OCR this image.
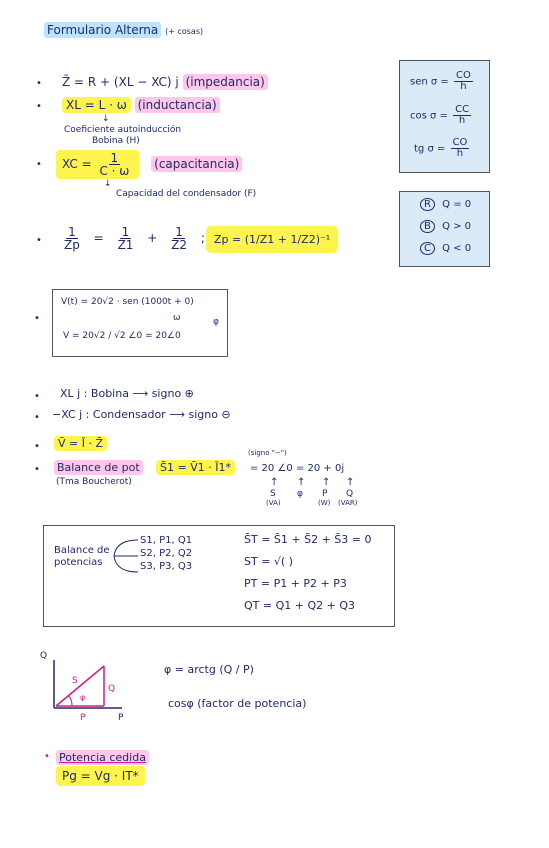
Formulario Alterna (+ cosas)
• Z̄ = R + (XL − XC) j (impedancia)
•	XL = L · ω (inductancia)
↓
Coeficiente autoinducción
Bobina (H)
•	XC = $\frac{1}{C \cdot \omega}$ (capacitancia)
↓
Capacidad del condensador (F)
sen $\sigma = \frac{CO}{h}$
$\cos \sigma = \frac{CC}{h}$
tg $\sigma = \frac{CO}{h}$
R Q = 0
B Q > 0
C Q < 0
• $\frac{1}{Zp} = \frac{1}{Z1} + \frac{1}{Z2}$ ; Zp = (1/Z1 + 1/Z2)⁻¹
•
V(t) = 20√2 · sen (1000t + 0)
ω	φ
V = 20√2 / √2 ∠0 = 20∠0
• XL j : Bobina ⟶ signo ⊕
• −XC j : Condensador ⟶ signo ⊖
•	V̄ = Ī · Z̄
• Balance de pot
(Tma Boucherot)
S̄1 = V̄1 · Ī1*
(signo "−")
= 20 ∠0 = 20 + 0j
↑ ↑ ↑ ↑
S
(VA)
φ P
(W)
Q
(VAR)
Balance de
potencias
S1, P1, Q1
S2, P2, Q2
S3, P3, Q3
S̄T = S̄1 + S̄2 + S̄3 = 0
ST = √( )
PT = P1 + P2 + P3
QT = Q1 + Q2 + Q3
Q
P
S
φ
Q
P
φ = arctg (Q / P)
cosφ (factor de potencia)
• Potencia cedida
Pg = Vg · IT*
